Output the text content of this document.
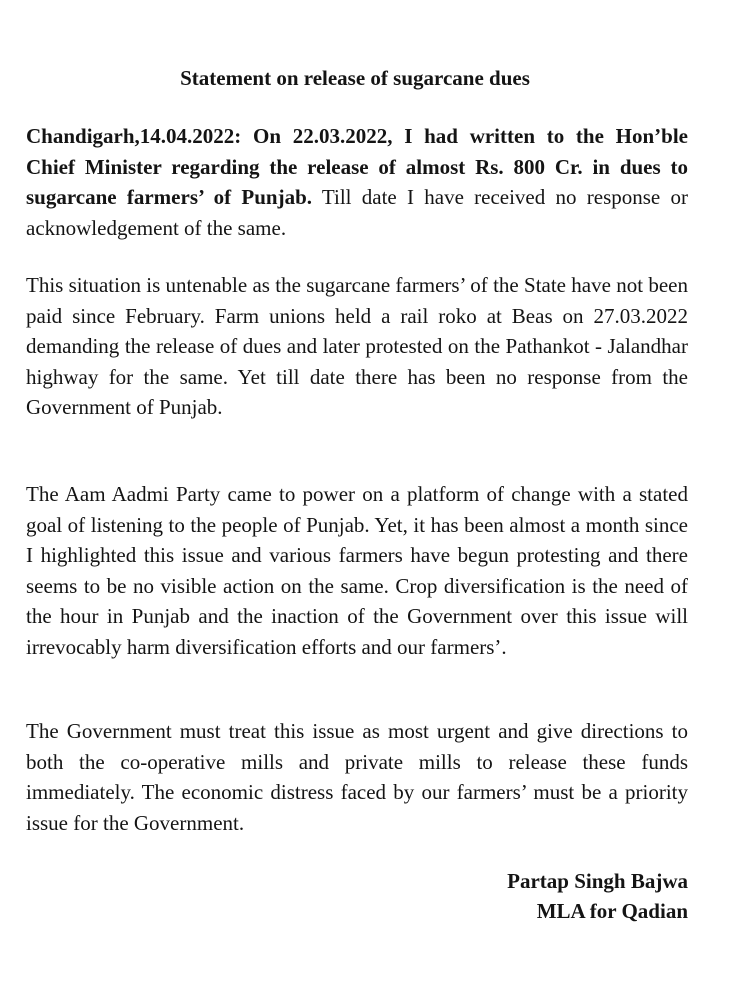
Statement on release of sugarcane dues

Chandigarh,14.04.2022: On 22.03.2022, I had written to the Hon’ble Chief Minister regarding the release of almost Rs. 800 Cr. in dues to sugarcane farmers’ of Punjab. Till date I have received no response or acknowledgement of the same.

This situation is untenable as the sugarcane farmers’ of the State have not been paid since February. Farm unions held a rail roko at Beas on 27.03.2022 demanding the release of dues and later protested on the Pathankot - Jalandhar highway for the same. Yet till date there has been no response from the Government of Punjab.

The Aam Aadmi Party came to power on a platform of change with a stated goal of listening to the people of Punjab. Yet, it has been almost a month since I highlighted this issue and various farmers have begun protesting and there seems to be no visible action on the same. Crop diversification is the need of the hour in Punjab and the inaction of the Government over this issue will irrevocably harm diversification efforts and our farmers’.

The Government must treat this issue as most urgent and give directions to both the co-operative mills and private mills to release these funds immediately. The economic distress faced by our farmers’ must be a priority issue for the Government.

Partap Singh Bajwa
MLA for Qadian
